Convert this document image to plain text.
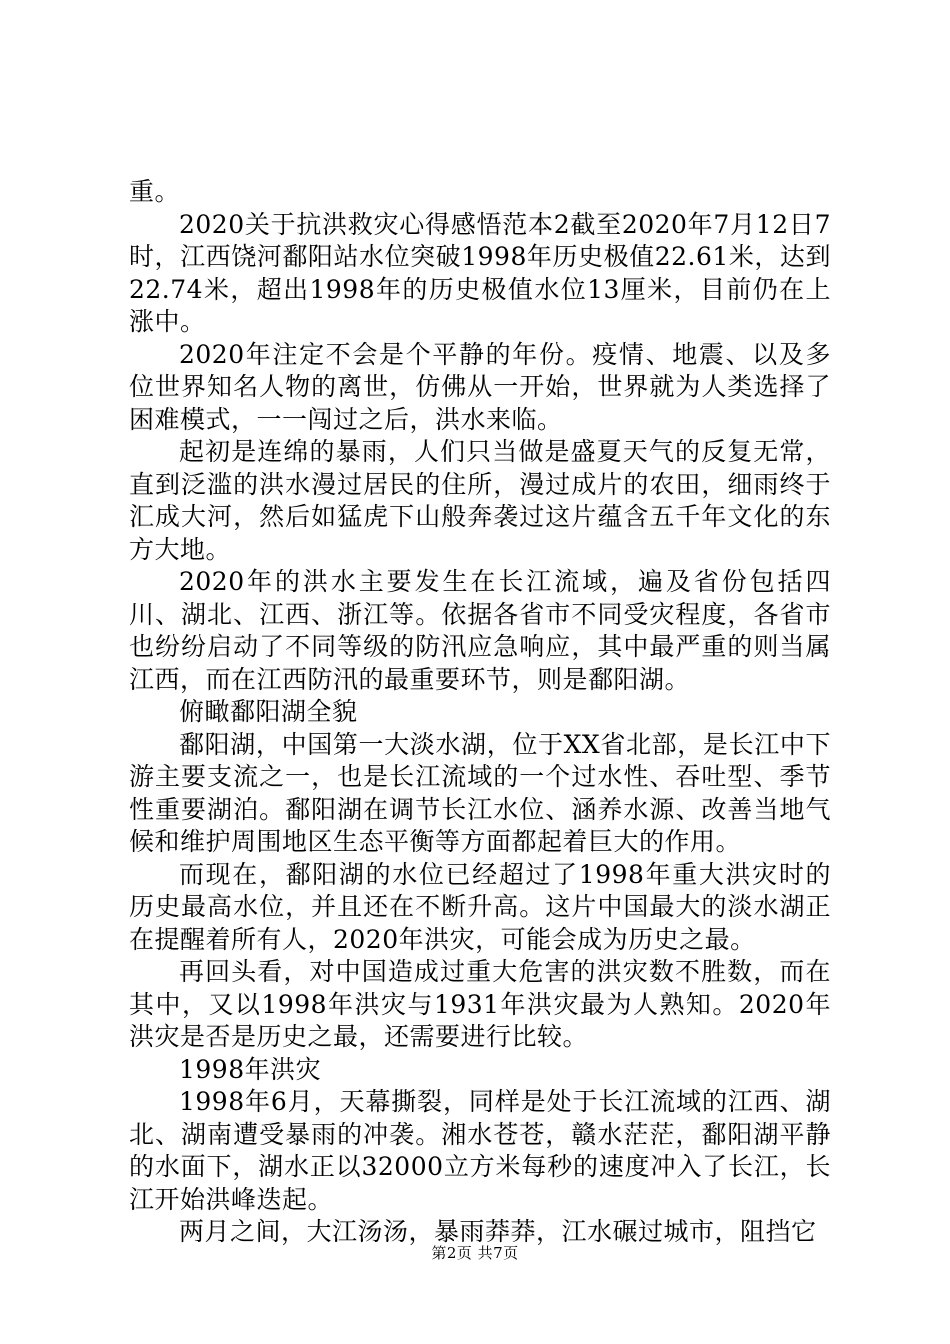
重。

2020关于抗洪救灾心得感悟范本2截至2020年7月12日7时，江西饶河鄱阳站水位突破1998年历史极值22.61米，达到22.74米，超出1998年的历史极值水位13厘米，目前仍在上涨中。

2020年注定不会是个平静的年份。疫情、地震、以及多位世界知名人物的离世，仿佛从一开始，世界就为人类选择了困难模式，一一闯过之后，洪水来临。

起初是连绵的暴雨，人们只当做是盛夏天气的反复无常，直到泛滥的洪水漫过居民的住所，漫过成片的农田，细雨终于汇成大河，然后如猛虎下山般奔袭过这片蕴含五千年文化的东方大地。

2020年的洪水主要发生在长江流域，遍及省份包括四川、湖北、江西、浙江等。依据各省市不同受灾程度，各省市也纷纷启动了不同等级的防汛应急响应，其中最严重的则当属江西，而在江西防汛的最重要环节，则是鄱阳湖。

俯瞰鄱阳湖全貌

鄱阳湖，中国第一大淡水湖，位于XX省北部，是长江中下游主要支流之一，也是长江流域的一个过水性、吞吐型、季节性重要湖泊。鄱阳湖在调节长江水位、涵养水源、改善当地气候和维护周围地区生态平衡等方面都起着巨大的作用。

而现在，鄱阳湖的水位已经超过了1998年重大洪灾时的历史最高水位，并且还在不断升高。这片中国最大的淡水湖正在提醒着所有人，2020年洪灾，可能会成为历史之最。

再回头看，对中国造成过重大危害的洪灾数不胜数，而在其中，又以1998年洪灾与1931年洪灾最为人熟知。2020年洪灾是否是历史之最，还需要进行比较。

1998年洪灾

1998年6月，天幕撕裂，同样是处于长江流域的江西、湖北、湖南遭受暴雨的冲袭。湘水苍苍，赣水茫茫，鄱阳湖平静的水面下，湖水正以32000立方米每秒的速度冲入了长江，长江开始洪峰迭起。

两月之间，大江汤汤，暴雨莽莽，江水碾过城市，阻挡它

第2页 共7页
